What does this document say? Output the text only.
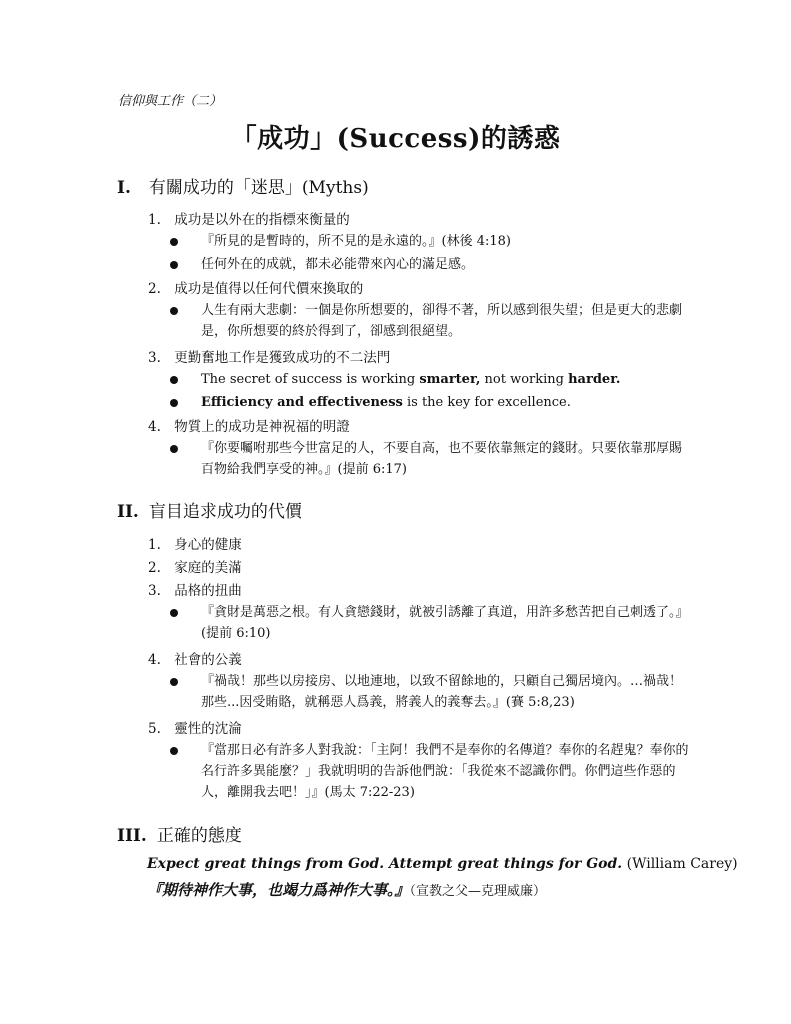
信仰與工作（二）
「成功」(Success)的誘惑
I. 有關成功的「迷思」(Myths)
1. 成功是以外在的指標來衡量的
『所見的是暫時的，所不見的是永遠的。』(林後 4:18)
任何外在的成就，都未必能帶來內心的滿足感。
2. 成功是值得以任何代價來換取的
人生有兩大悲劇：一個是你所想要的，卻得不著，所以感到很失望；但是更大的悲劇是，你所想要的終於得到了，卻感到很絕望。
3. 更勤奮地工作是獲致成功的不二法門
The secret of success is working smarter, not working harder.
Efficiency and effectiveness is the key for excellence.
4. 物質上的成功是神祝福的明證
『你要囑咐那些今世富足的人，不要自高，也不要依靠無定的錢財。只要依靠那厚賜百物給我們享受的神。』(提前 6:17)
II. 盲目追求成功的代價
1. 身心的健康
2. 家庭的美滿
3. 品格的扭曲
『貪財是萬惡之根。有人貪戀錢財，就被引誘離了真道，用許多愁苦把自己刺透了。』(提前 6:10)
4. 社會的公義
『禍哉！那些以房接房、以地連地，以致不留餘地的，只顧自己獨居境內。…禍哉！那些...因受賄賂，就稱惡人爲義，將義人的義奪去。』(賽 5:8,23)
5. 靈性的沈淪
『當那日必有許多人對我說：「主阿！我們不是奉你的名傳道？奉你的名趕鬼？奉你的名行許多異能麼？」我就明明的告訴他們說：「我從來不認識你們。你們這些作惡的人，離開我去吧！」』(馬太 7:22-23)
III. 正確的態度
Expect great things from God. Attempt great things for God. (William Carey)
『期待神作大事，也竭力爲神作大事。』（宣教之父—克理威廉）
